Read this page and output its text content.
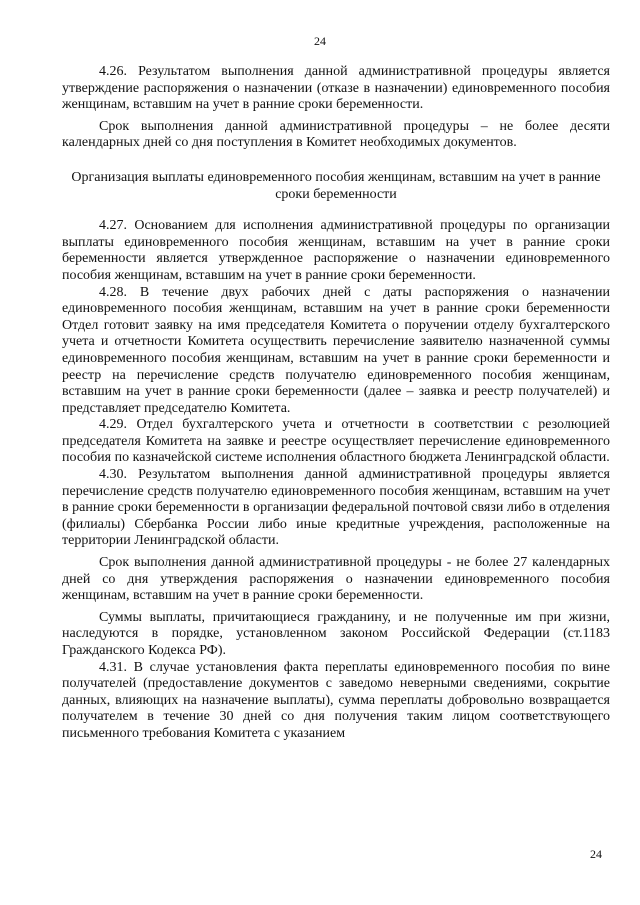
24

4.26. Результатом выполнения данной административной процедуры является утверждение распоряжения о назначении (отказе в назначении) единовременного пособия женщинам, вставшим на учет в ранние сроки беременности.

Срок выполнения данной административной процедуры – не более десяти календарных дней со дня поступления в Комитет необходимых документов.

Организация выплаты единовременного пособия женщинам, вставшим на учет в ранние сроки беременности

4.27. Основанием для исполнения административной процедуры по организации выплаты единовременного пособия женщинам, вставшим на учет в ранние сроки беременности является утвержденное распоряжение о назначении единовременного пособия женщинам, вставшим на учет в ранние сроки беременности.

4.28. В течение двух рабочих дней с даты распоряжения о назначении единовременного пособия женщинам, вставшим на учет в ранние сроки беременности Отдел готовит заявку на имя председателя Комитета о поручении отделу бухгалтерского учета и отчетности Комитета осуществить перечисление заявителю назначенной суммы единовременного пособия женщинам, вставшим на учет в ранние сроки беременности и реестр на перечисление средств получателю единовременного пособия женщинам, вставшим на учет в ранние сроки беременности (далее – заявка и реестр получателей) и представляет председателю Комитета.

4.29. Отдел бухгалтерского учета и отчетности в соответствии с резолюцией председателя Комитета на заявке и реестре осуществляет перечисление единовременного пособия по казначейской системе исполнения областного бюджета Ленинградской области.

4.30. Результатом выполнения данной административной процедуры является перечисление средств получателю единовременного пособия женщинам, вставшим на учет в ранние сроки беременности в организации федеральной почтовой связи либо в отделения (филиалы) Сбербанка России либо иные кредитные учреждения, расположенные на территории Ленинградской области.

Срок выполнения данной административной процедуры - не более 27 календарных дней со дня утверждения распоряжения о назначении единовременного пособия женщинам, вставшим на учет в ранние сроки беременности.

Суммы выплаты, причитающиеся гражданину, и не полученные им при жизни, наследуются в порядке, установленном законом Российской Федерации (ст.1183 Гражданского Кодекса РФ).

4.31. В случае установления факта переплаты единовременного пособия по вине получателей (предоставление документов с заведомо неверными сведениями, сокрытие данных, влияющих на назначение выплаты), сумма переплаты добровольно возвращается получателем в течение 30 дней со дня получения таким лицом соответствующего письменного требования Комитета с указанием

24
